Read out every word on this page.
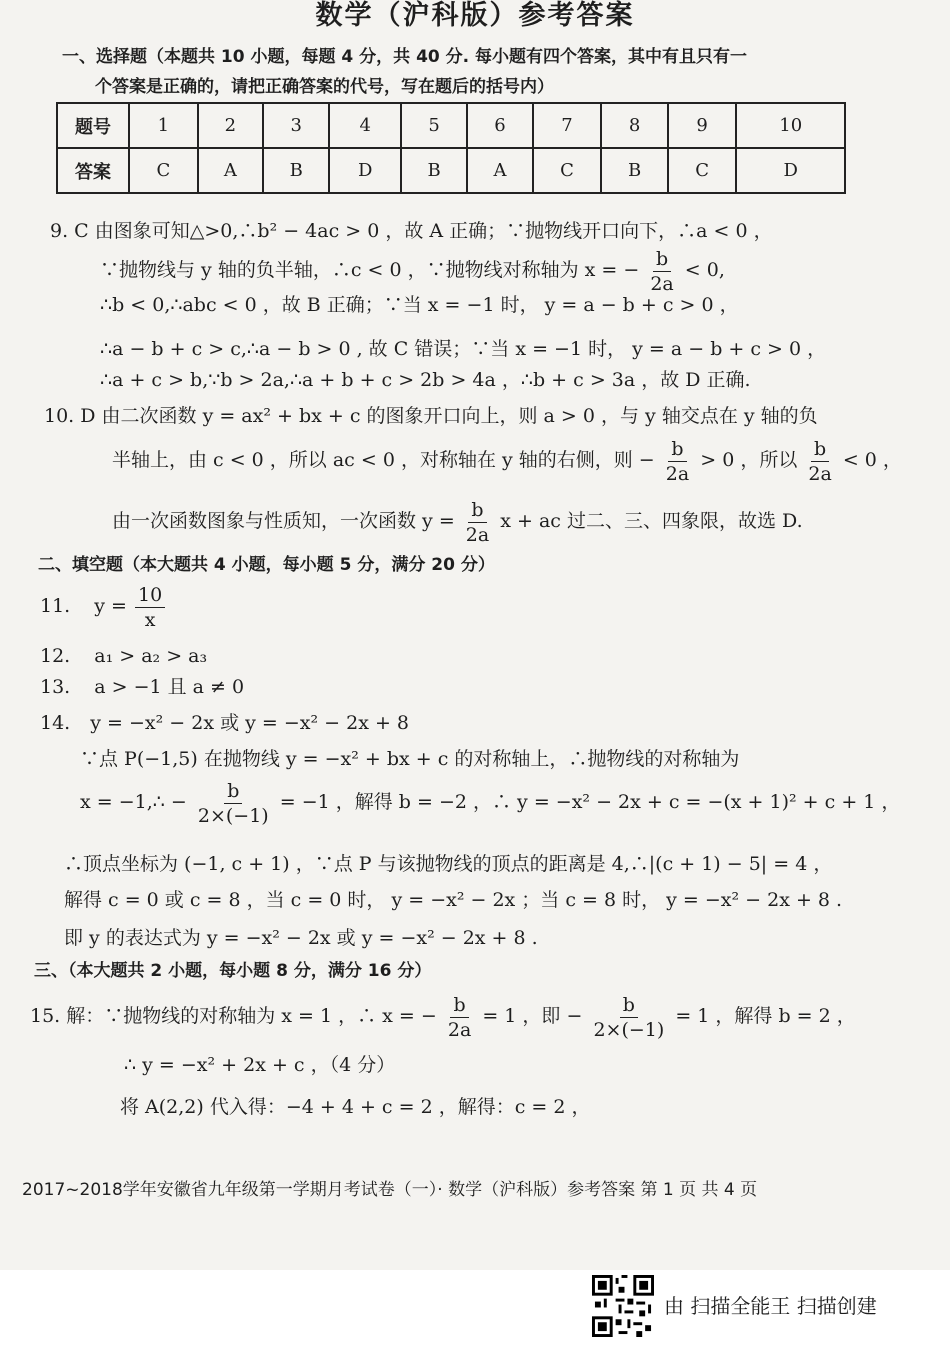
数学（沪科版）参考答案
一、选择题（本题共 10 小题，每题 4 分，共 40 分. 每小题有四个答案，其中有且只有一
个答案是正确的，请把正确答案的代号，写在题后的括号内）
题号	1	2	3	4	5	6	7	8	9	10
答案	C	A	B	D	B	A	C	B	C	D
9. C 由图象可知△>0,∴b² − 4ac > 0 ，故 A 正确；∵抛物线开口向下，∴a < 0 ，
∵抛物线与 y 轴的负半轴，∴c < 0 ，∵抛物线对称轴为 x = − $\frac{b}{2a} < 0$,
∴b < 0,∴abc < 0 ，故 B 正确；∵当 x = −1 时， y = a − b + c > 0 ，
∴a − b + c > c,∴a − b > 0 , 故 C 错误；∵当 x = −1 时， y = a − b + c > 0 ，
∴a + c > b,∵b > 2a,∴a + b + c > 2b > 4a ，∴b + c > 3a ，故 D 正确.
10. D 由二次函数 y = ax² + bx + c 的图象开口向上，则 a > 0 ，与 y 轴交点在 y 轴的负
半轴上，由 c < 0 ，所以 ac < 0 ，对称轴在 y 轴的右侧，则 − $\frac{b}{2a} > 0$ ，所以 $\frac{b}{2a} < 0$ ，
由一次函数图象与性质知，一次函数 $y = \frac{b}{2a}$ x + ac 过二、三、四象限，故选 D.
二、填空题（本大题共 4 小题，每小题 5 分，满分 20 分）
11. $y = \frac{10}{x}$
12. a₁ > a₂ > a₃
13. a > −1 且 a ≠ 0
14. y = −x² − 2x 或 y = −x² − 2x + 8
∵点 P(−1,5) 在抛物线 y = −x² + bx + c 的对称轴上，∴抛物线的对称轴为
x = −1,∴ − $\frac{b}{2\times(-1)} = -1$ ，解得 b = −2 ，∴ y = −x² − 2x + c = −(x + 1)² + c + 1 ，
∴顶点坐标为 (−1, c + 1) ，∵点 P 与该抛物线的顶点的距离是 4,∴|(c + 1) − 5| = 4 ，
解得 c = 0 或 c = 8 ，当 c = 0 时， y = −x² − 2x ；当 c = 8 时， y = −x² − 2x + 8 .
即 y 的表达式为 y = −x² − 2x 或 y = −x² − 2x + 8 .
三、（本大题共 2 小题，每小题 8 分，满分 16 分）
15. 解：∵抛物线的对称轴为 x = 1 ，∴ x = − $\frac{b}{2a} = 1$ ，即 − $\frac{b}{2\times(-1)} = 1$ ，解得 b = 2 ，
∴ y = −x² + 2x + c ，（4 分）
将 A(2,2) 代入得：−4 + 4 + c = 2 ，解得：c = 2 ，
2017~2018学年安徽省九年级第一学期月考试卷（一）· 数学（沪科版）参考答案 第 1 页 共 4 页
由 扫描全能王 扫描创建
